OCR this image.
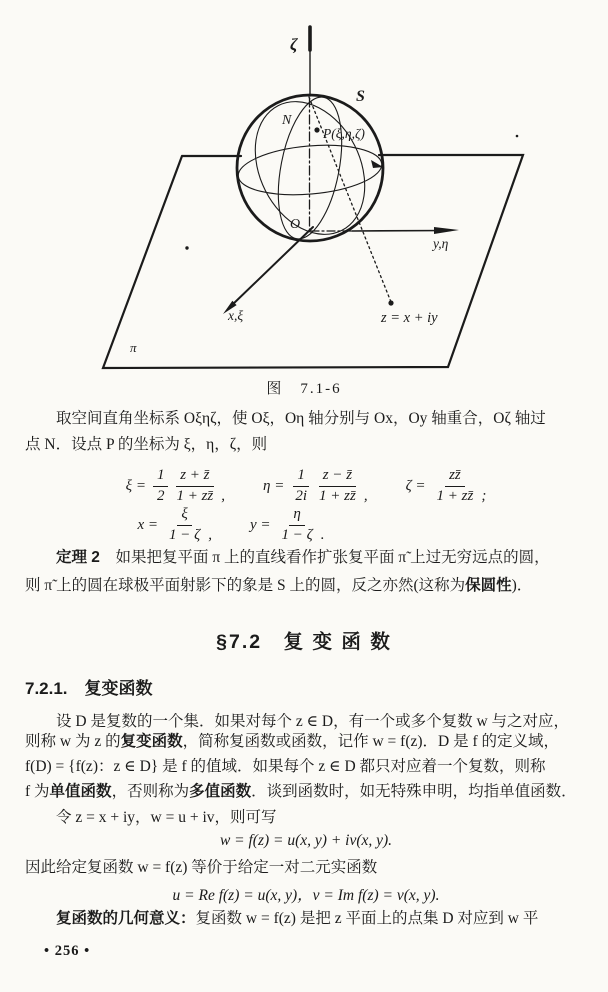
ζ
S
N
P(ξ,η,ζ)
O
y,η
x,ξ	z = x + iy
π
图　7.1-6
取空间直角坐标系 Oξηζ，使 Oξ，Oη 轴分别与 Ox，Oy 轴重合，Oζ 轴过
点 N．设点 P 的坐标为 ξ，η，ζ，则
$\xi = \frac{1}{2} \frac{z + z̄}{1 + zz̄}$ ,
$\eta = \frac{1}{2i} \frac{z - z̄}{1 + zz̄}$ ,
$\zeta = \frac{zz̄}{1 + zz̄}$ ;
$x = \frac{\xi}{1 - \zeta}$ ,
$y = \frac{\eta}{1 - \zeta}$ .
定理 2　如果把复平面 π 上的直线看作扩张复平面 π̃ 上过无穷远点的圆，
则 π̃ 上的圆在球极平面射影下的象是 S 上的圆，反之亦然(这称为保圆性)．
§7.2　复 变 函 数
7.2.1.　复变函数
设 D 是复数的一个集．如果对每个 z ∈ D，有一个或多个复数 w 与之对应，
则称 w 为 z 的复变函数，简称复函数或函数，记作 w = f(z)．D 是 f 的定义域，
f(D) = {f(z)：z ∈ D} 是 f 的值域．如果每个 z ∈ D 都只对应着一个复数，则称
f 为单值函数，否则称为多值函数．谈到函数时，如无特殊申明，均指单值函数．
令 z = x + iy，w = u + iv，则可写
w = f(z) = u(x, y) + iv(x, y).
因此给定复函数 w = f(z) 等价于给定一对二元实函数
u = Re f(z) = u(x, y)，v = Im f(z) = v(x, y).
复函数的几何意义：复函数 w = f(z) 是把 z 平面上的点集 D 对应到 w 平
• 256 •
